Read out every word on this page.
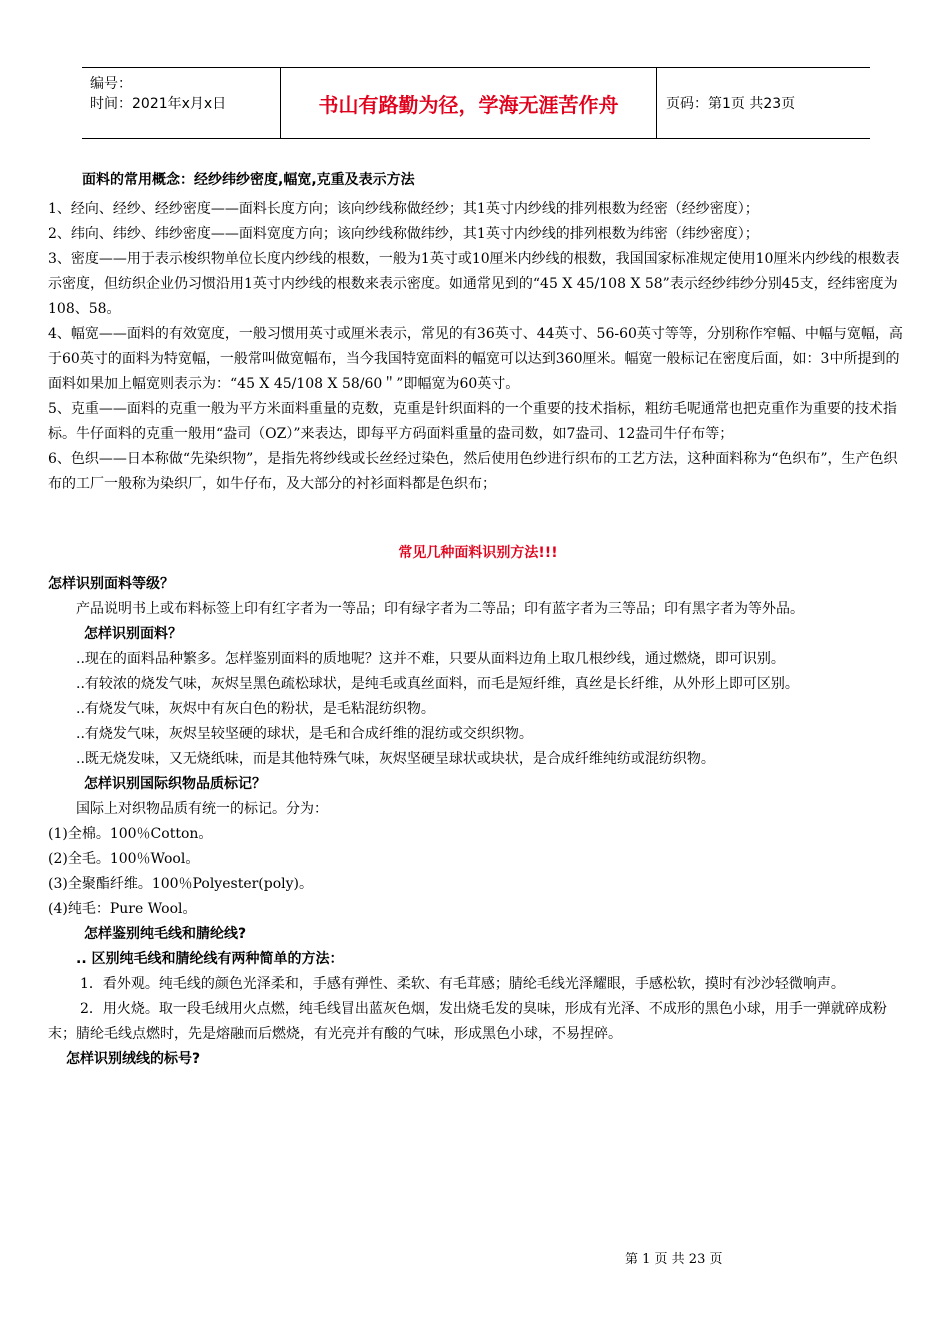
编号：
时间：2021年x月x日	书山有路勤为径，学海无涯苦作舟	页码：第1页 共23页

面料的常用概念：经纱纬纱密度,幅宽,克重及表示方法

1、经向、经纱、经纱密度——面料长度方向；该向纱线称做经纱；其1英寸内纱线的排列根数为经密（经纱密度）；

2、纬向、纬纱、纬纱密度——面料宽度方向；该向纱线称做纬纱，其1英寸内纱线的排列根数为纬密（纬纱密度）；

3、密度——用于表示梭织物单位长度内纱线的根数，一般为1英寸或10厘米内纱线的根数，我国国家标准规定使用10厘米内纱线的根数表示密度，但纺织企业仍习惯沿用1英寸内纱线的根数来表示密度。如通常见到的“45 X 45/108 X 58”表示经纱纬纱分别45支，经纬密度为108、58。

4、幅宽——面料的有效宽度，一般习惯用英寸或厘米表示，常见的有36英寸、44英寸、56-60英寸等等，分别称作窄幅、中幅与宽幅，高于60英寸的面料为特宽幅，一般常叫做宽幅布，当今我国特宽面料的幅宽可以达到360厘米。幅宽一般标记在密度后面，如：3中所提到的面料如果加上幅宽则表示为：“45 X 45/108 X 58/60＂”即幅宽为60英寸。

5、克重——面料的克重一般为平方米面料重量的克数，克重是针织面料的一个重要的技术指标，粗纺毛呢通常也把克重作为重要的技术指标。牛仔面料的克重一般用“盎司（OZ）”来表达，即每平方码面料重量的盎司数，如7盎司、12盎司牛仔布等；

6、色织——日本称做“先染织物”，是指先将纱线或长丝经过染色，然后使用色纱进行织布的工艺方法，这种面料称为“色织布”，生产色织布的工厂一般称为染织厂，如牛仔布，及大部分的衬衫面料都是色织布；

常见几种面料识别方法!!!

怎样识别面料等级？

产品说明书上或布料标签上印有红字者为一等品；印有绿字者为二等品；印有蓝字者为三等品；印有黑字者为等外品。

怎样识别面料？

..现在的面料品种繁多。怎样鉴别面料的质地呢？这并不难，只要从面料边角上取几根纱线，通过燃烧，即可识别。

..有较浓的烧发气味，灰烬呈黑色疏松球状，是纯毛或真丝面料，而毛是短纤维，真丝是长纤维，从外形上即可区别。

..有烧发气味，灰烬中有灰白色的粉状，是毛粘混纺织物。

..有烧发气味，灰烬呈较坚硬的球状，是毛和合成纤维的混纺或交织织物。

..既无烧发味，又无烧纸味，而是其他特殊气味，灰烬坚硬呈球状或块状，是合成纤维纯纺或混纺织物。

怎样识别国际织物品质标记？

国际上对织物品质有统一的标记。分为：

(1)全棉。100％Cotton。

(2)全毛。100％Wool。

(3)全聚酯纤维。100％Polyester(poly)。

(4)纯毛：Pure Wool。

怎样鉴别纯毛线和腈纶线?

.. 区别纯毛线和腈纶线有两种简单的方法：

1．看外观。纯毛线的颜色光泽柔和，手感有弹性、柔软、有毛茸感；腈纶毛线光泽耀眼，手感松软，摸时有沙沙轻微响声。

2．用火烧。取一段毛绒用火点燃，纯毛线冒出蓝灰色烟，发出烧毛发的臭味，形成有光泽、不成形的黑色小球，用手一弹就碎成粉末；腈纶毛线点燃时，先是熔融而后燃烧，有光亮并有酸的气味，形成黑色小球，不易捏碎。

怎样识别绒线的标号?

第 1 页 共 23 页
